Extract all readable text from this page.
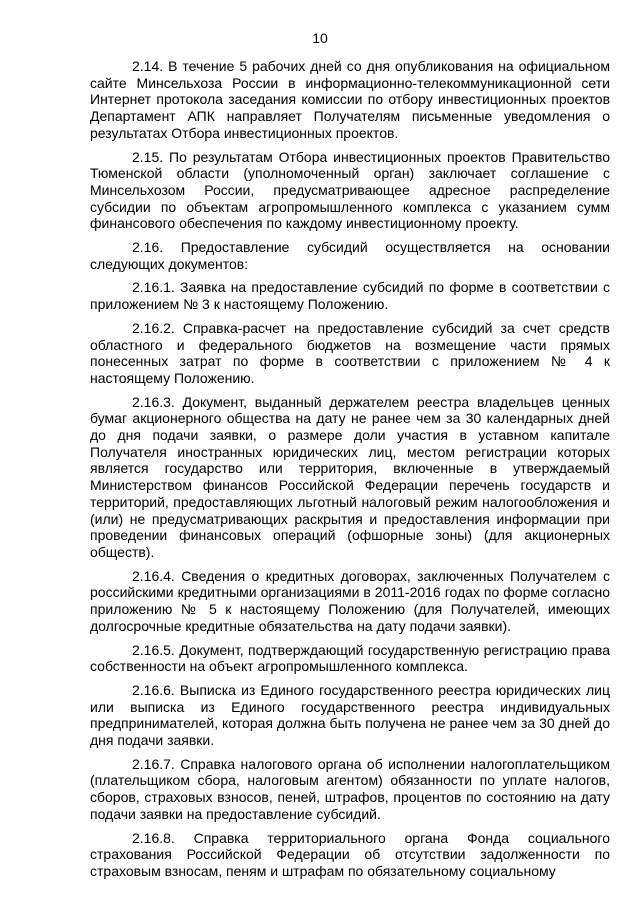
10

2.14. В течение 5 рабочих дней со дня опубликования на официальном сайте Минсельхоза России в информационно-телекоммуникационной сети Интернет протокола заседания комиссии по отбору инвестиционных проектов Департамент АПК направляет Получателям письменные уведомления о результатах Отбора инвестиционных проектов.

2.15. По результатам Отбора инвестиционных проектов Правительство Тюменской области (уполномоченный орган) заключает соглашение с Минсельхозом России, предусматривающее адресное распределение субсидии по объектам агропромышленного комплекса с указанием сумм финансового обеспечения по каждому инвестиционному проекту.

2.16. Предоставление субсидий осуществляется на основании следующих документов:

2.16.1. Заявка на предоставление субсидий по форме в соответствии с приложением № 3 к настоящему Положению.

2.16.2. Справка-расчет на предоставление субсидий за счет средств областного и федерального бюджетов на возмещение части прямых понесенных затрат по форме в соответствии с приложением № 4 к настоящему Положению.

2.16.3. Документ, выданный держателем реестра владельцев ценных бумаг акционерного общества на дату не ранее чем за 30 календарных дней до дня подачи заявки, о размере доли участия в уставном капитале Получателя иностранных юридических лиц, местом регистрации которых является государство или территория, включенные в утверждаемый Министерством финансов Российской Федерации перечень государств и территорий, предоставляющих льготный налоговый режим налогообложения и (или) не предусматривающих раскрытия и предоставления информации при проведении финансовых операций (офшорные зоны) (для акционерных обществ).

2.16.4. Сведения о кредитных договорах, заключенных Получателем с российскими кредитными организациями в 2011-2016 годах по форме согласно приложению № 5 к настоящему Положению (для Получателей, имеющих долгосрочные кредитные обязательства на дату подачи заявки).

2.16.5. Документ, подтверждающий государственную регистрацию права собственности на объект агропромышленного комплекса.

2.16.6. Выписка из Единого государственного реестра юридических лиц или выписка из Единого государственного реестра индивидуальных предпринимателей, которая должна быть получена не ранее чем за 30 дней до дня подачи заявки.

2.16.7. Справка налогового органа об исполнении налогоплательщиком (плательщиком сбора, налоговым агентом) обязанности по уплате налогов, сборов, страховых взносов, пеней, штрафов, процентов по состоянию на дату подачи заявки на предоставление субсидий.

2.16.8. Справка территориального органа Фонда социального страхования Российской Федерации об отсутствии задолженности по страховым взносам, пеням и штрафам по обязательному социальному
